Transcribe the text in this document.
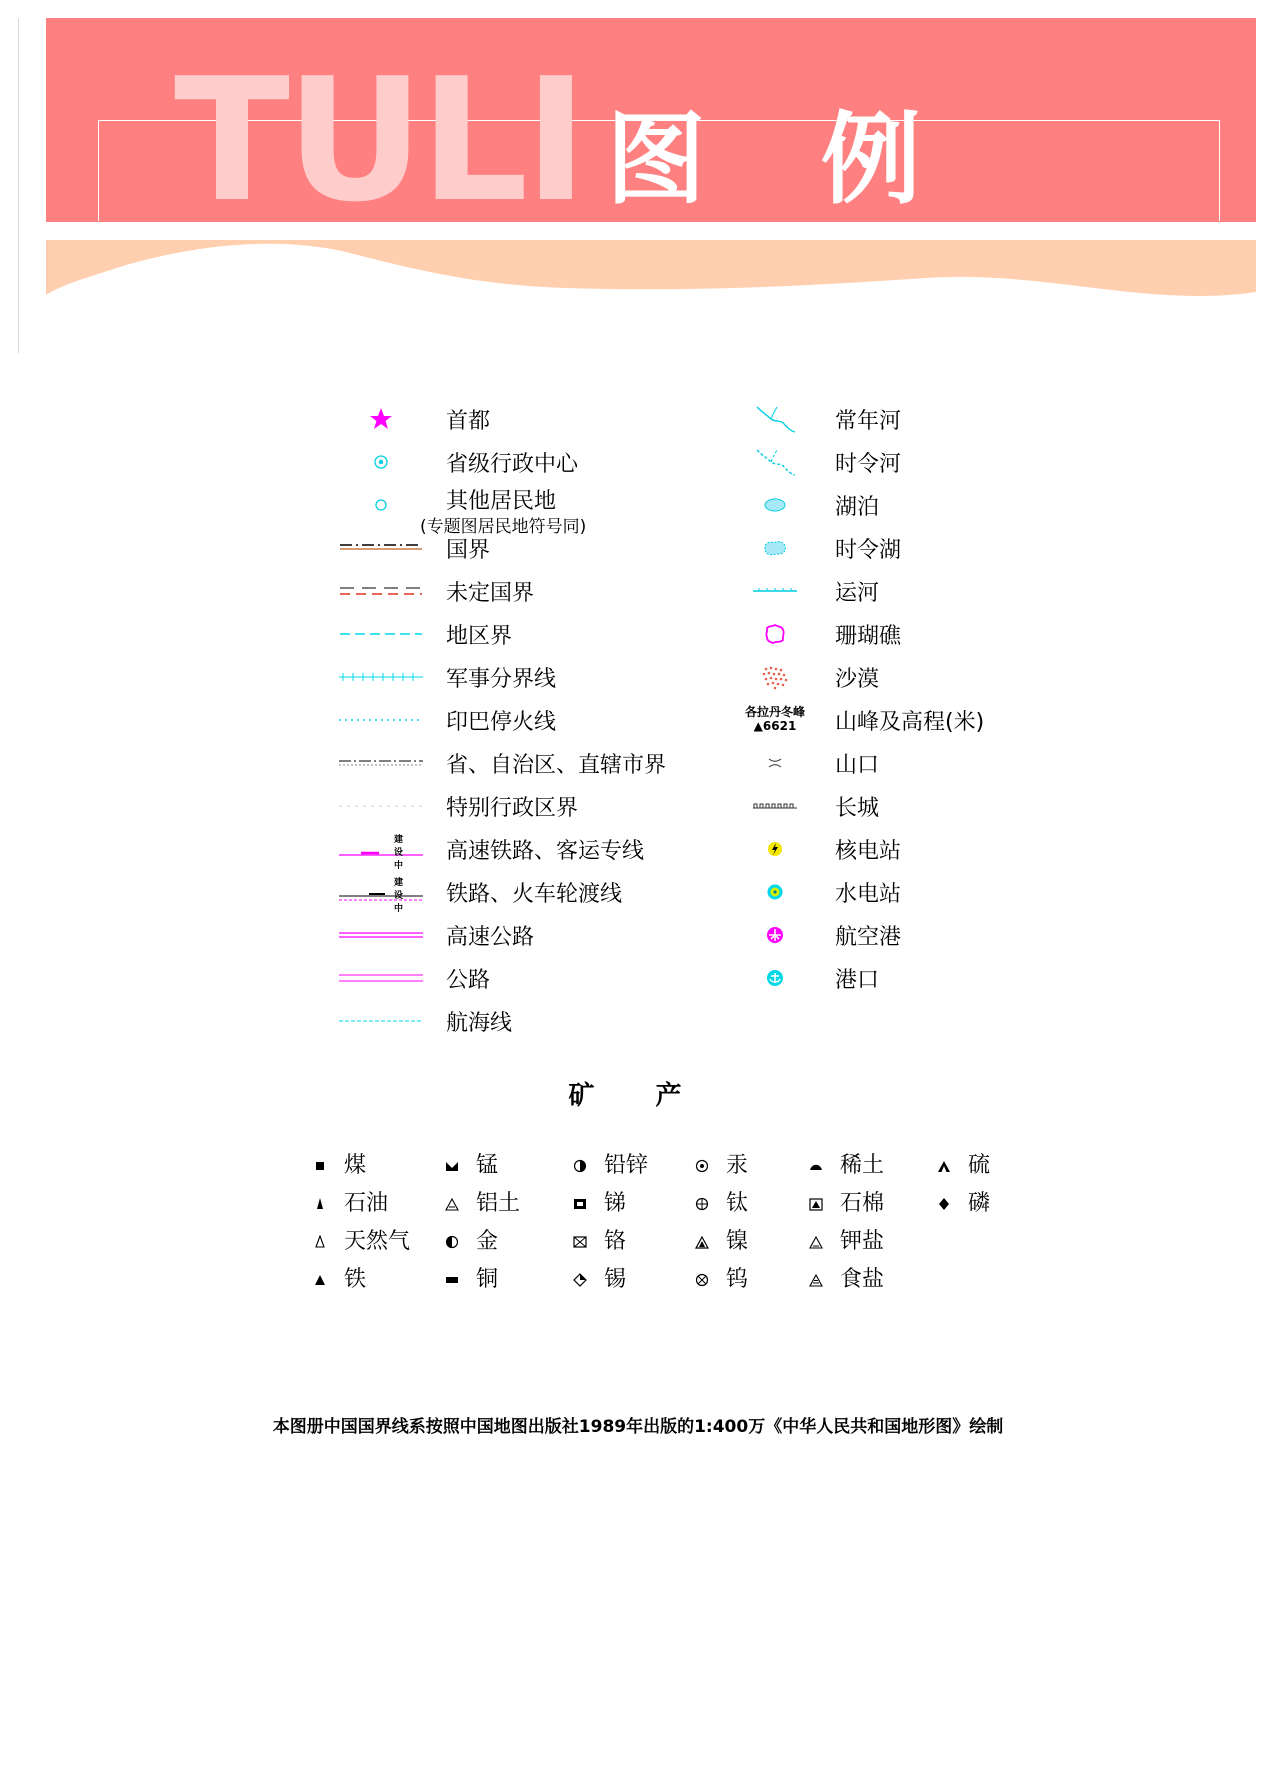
TULI 图 例
首都
省级行政中心
其他居民地
(专题图居民地符号同)
国界
未定国界
地区界
军事分界线
印巴停火线
省、自治区、直辖市界
特别行政区界
建设中
高速铁路、客运专线
建设中
铁路、火车轮渡线
高速公路
公路
航海线
常年河
时令河
湖泊
时令湖
运河
珊瑚礁
沙漠
各拉丹冬峰
▲6621 山峰及高程(米)
山口
长城
核电站
水电站
航空港
港口
矿 产
煤	锰	铅锌	汞	稀土	硫
石油	铝土	锑	钛	石棉	磷
天然气	金	铬	镍	钾盐
铁	铜	锡	钨	食盐
本图册中国国界线系按照中国地图出版社1989年出版的1:400万《中华人民共和国地形图》绘制
